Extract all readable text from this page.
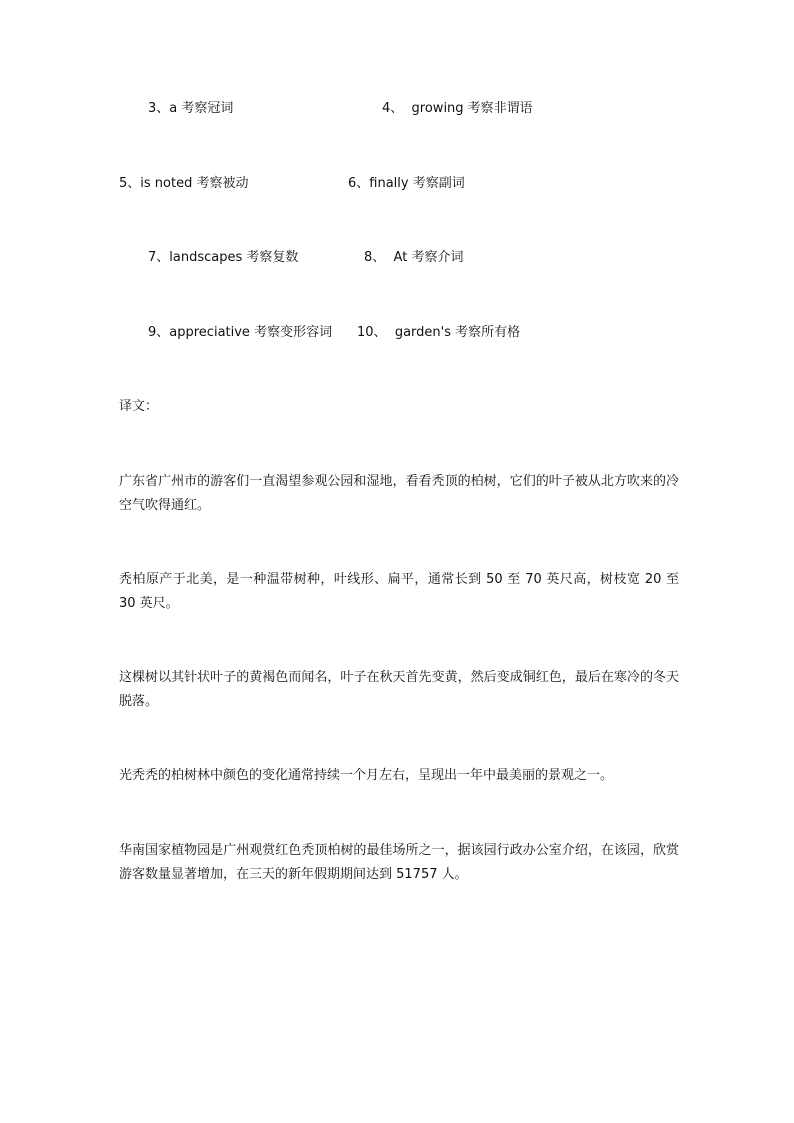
3、a 考察冠词	4、 growing 考察非谓语
5、is noted 考察被动	6、finally 考察副词
7、landscapes 考察复数	8、 At 考察介词
9、appreciative 考察变形容词 10、 garden's 考察所有格
译文：

广东省广州市的游客们一直渴望参观公园和湿地，看看秃顶的柏树，它们的叶子被从北方吹来的冷空气吹得通红。

秃柏原产于北美，是一种温带树种，叶线形、扁平，通常长到 50 至 70 英尺高，树枝宽 20 至 30 英尺。

这棵树以其针状叶子的黄褐色而闻名，叶子在秋天首先变黄，然后变成铜红色，最后在寒冷的冬天脱落。

光秃秃的柏树林中颜色的变化通常持续一个月左右，呈现出一年中最美丽的景观之一。

华南国家植物园是广州观赏红色秃顶柏树的最佳场所之一，据该园行政办公室介绍，在该园，欣赏游客数量显著增加，在三天的新年假期期间达到 51757 人。
